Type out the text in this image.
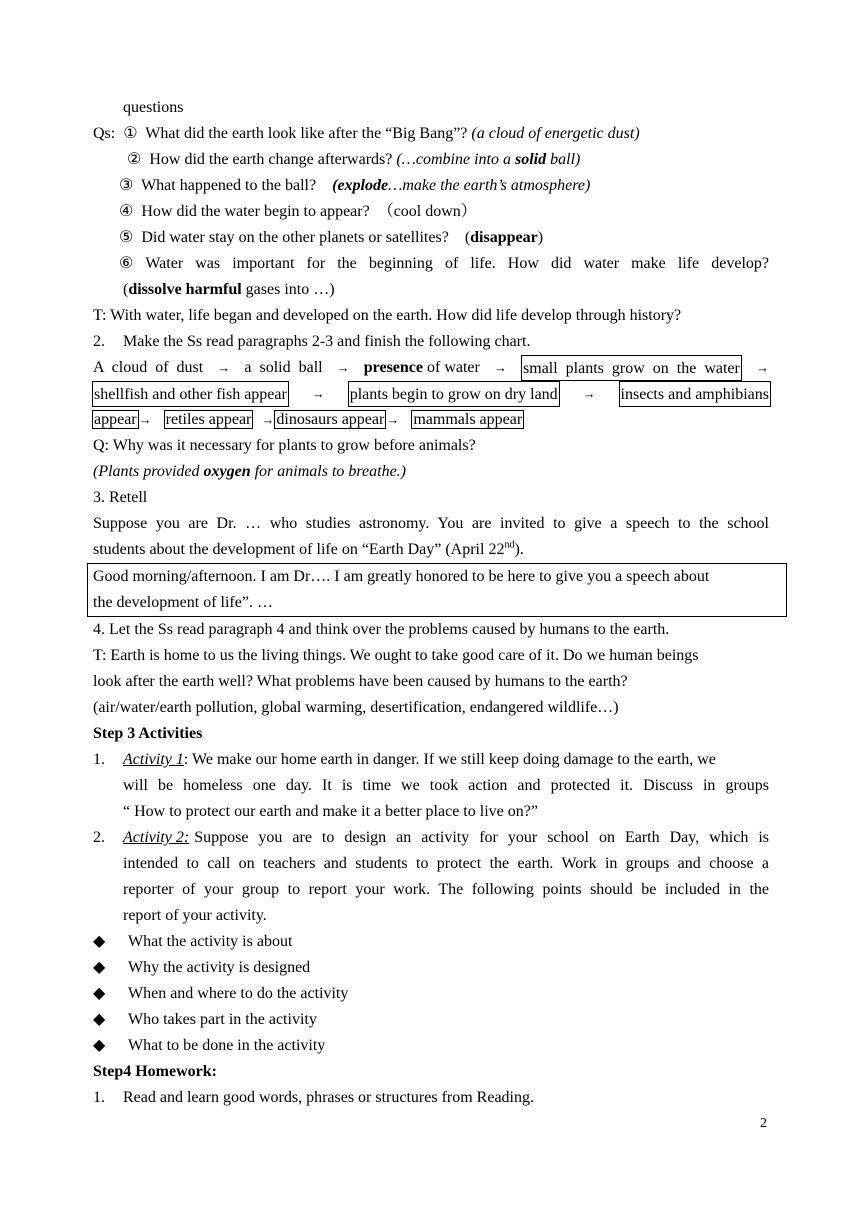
questions
Qs: ① What did the earth look like after the “Big Bang”? (a cloud of energetic dust)
② How did the earth change afterwards? (…combine into a solid ball)
③ What happened to the ball? (explode…make the earth’s atmosphere)
④ How did the water begin to appear? （cool down）
⑤ Did water stay on the other planets or satellites? (disappear)
⑥ Water was important for the beginning of life. How did water make life develop?
(dissolve harmful gases into …)
T: With water, life began and developed on the earth. How did life develop through history?
2. Make the Ss read paragraphs 2-3 and finish the following chart.
A cloud of dust → a solid ball → presence of water → small plants grow on the water →
shellfish and other fish appear → plants begin to grow on dry land → insects and amphibians
appear → retiles appear → dinosaurs appear → mammals appear
Q: Why was it necessary for plants to grow before animals?
(Plants provided oxygen for animals to breathe.)
3. Retell
Suppose you are Dr. … who studies astronomy. You are invited to give a speech to the school
students about the development of life on “Earth Day” (April 22nd).
Good morning/afternoon. I am Dr…. I am greatly honored to be here to give you a speech about
the development of life”. …
4. Let the Ss read paragraph 4 and think over the problems caused by humans to the earth.
T: Earth is home to us the living things. We ought to take good care of it. Do we human beings
look after the earth well? What problems have been caused by humans to the earth?
(air/water/earth pollution, global warming, desertification, endangered wildlife…)
Step 3 Activities
1. Activity 1: We make our home earth in danger. If we still keep doing damage to the earth, we
will be homeless one day. It is time we took action and protected it. Discuss in groups
“ How to protect our earth and make it a better place to live on?”
2.	Activity 2: Suppose you are to design an activity for your school on Earth Day, which is
intended to call on teachers and students to protect the earth. Work in groups and choose a
reporter of your group to report your work. The following points should be included in the
report of your activity.
◆ What the activity is about
◆ Why the activity is designed
◆ When and where to do the activity
◆ Who takes part in the activity
◆ What to be done in the activity
Step4 Homework:
1. Read and learn good words, phrases or structures from Reading.
2
